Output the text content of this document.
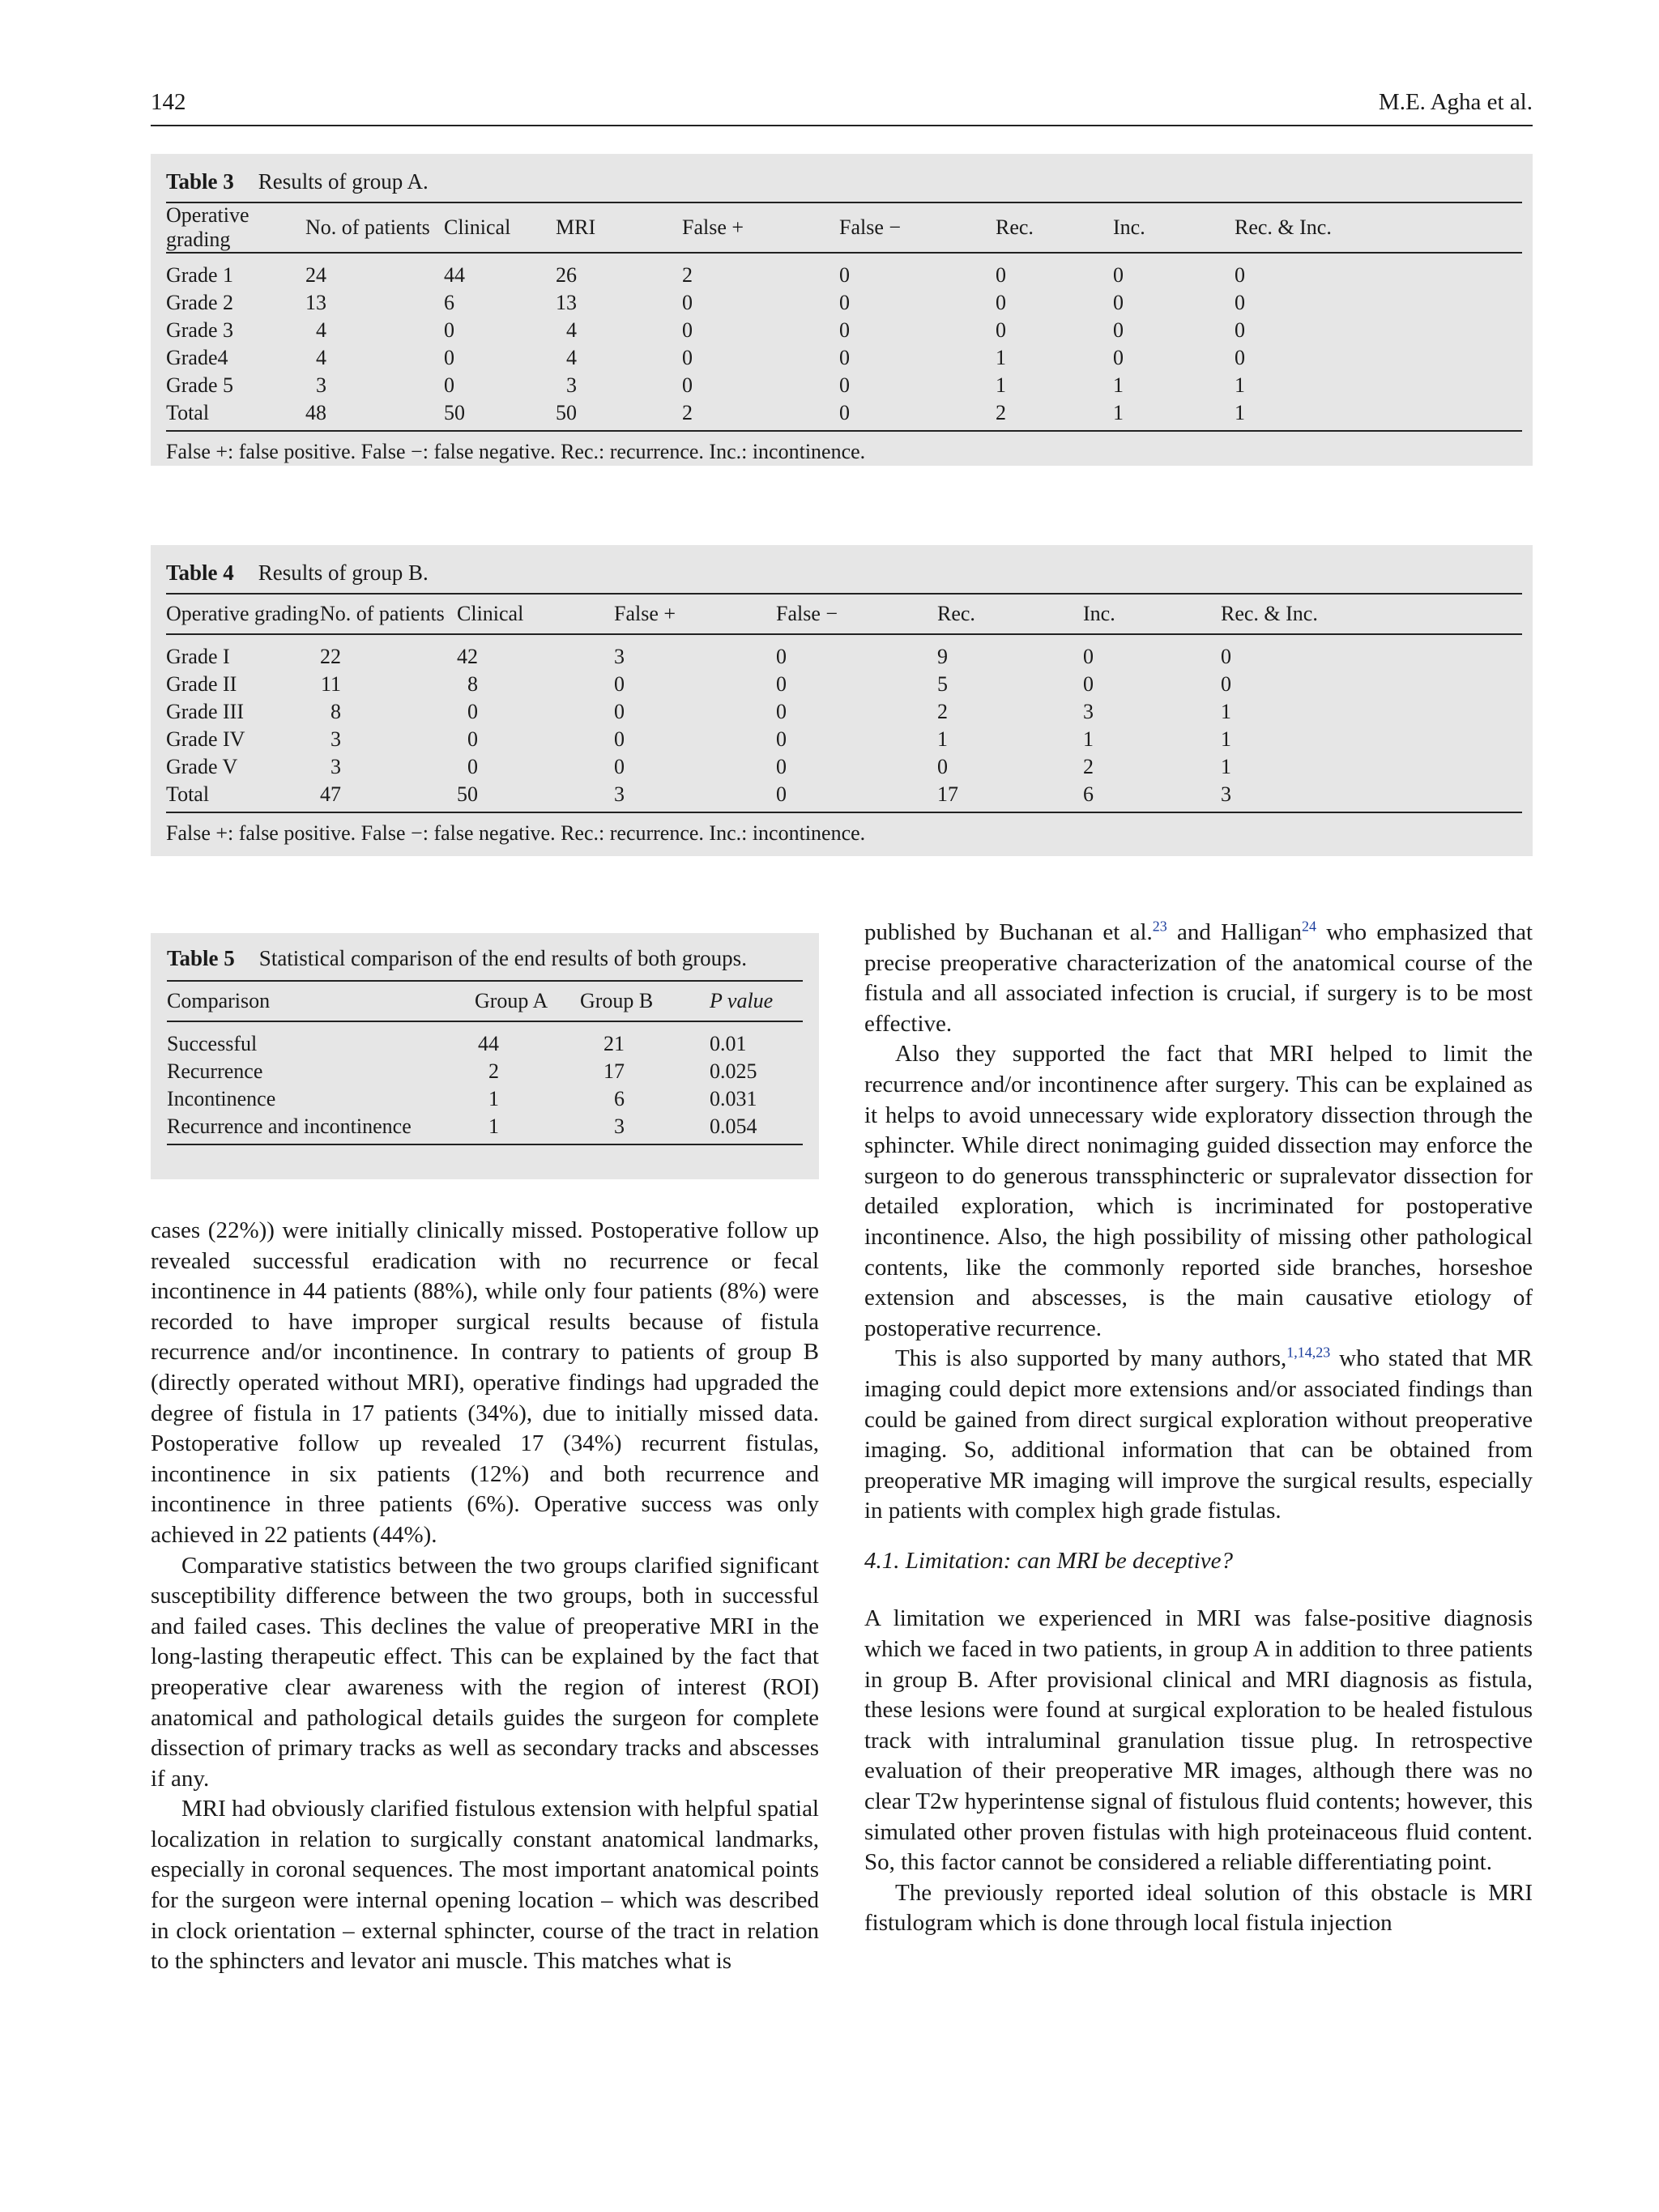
142	M.E. Agha et al.
Table 3 Results of group A.
Operative grading	No. of patients	Clinical	MRI	False +	False −	Rec.	Inc.	Rec. & Inc.
Grade 1	24	44	26	2	0	0	0	0
Grade 2	13	6	13	0	0	0	0	0
Grade 3	4	0	4	0	0	0	0	0
Grade4	4	0	4	0	0	1	0	0
Grade 5	3	0	3	0	0	1	1	1
Total	48	50	50	2	0	2	1	1
False +: false positive. False −: false negative. Rec.: recurrence. Inc.: incontinence.
Table 4 Results of group B.
Operative grading	No. of patients	Clinical	False +	False −	Rec.	Inc.	Rec. & Inc.
Grade I	22	42	3	0	9	0	0
Grade II	11	8	0	0	5	0	0
Grade III	8	0	0	0	2	3	1
Grade IV	3	0	0	0	1	1	1
Grade V	3	0	0	0	0	2	1
Total	47	50	3	0	17	6	3
False +: false positive. False −: false negative. Rec.: recurrence. Inc.: incontinence.
Table 5 Statistical comparison of the end results of both groups.
Comparison	Group A	Group B	P value
Successful	44	21	0.01
Recurrence	2	17	0.025
Incontinence	1	6	0.031
Recurrence and incontinence	1	3	0.054

cases (22%)) were initially clinically missed. Postoperative follow up revealed successful eradication with no recurrence or fecal incontinence in 44 patients (88%), while only four patients (8%) were recorded to have improper surgical results because of fistula recurrence and/or incontinence. In contrary to patients of group B (directly operated without MRI), operative findings had upgraded the degree of fistula in 17 patients (34%), due to initially missed data. Postoperative follow up revealed 17 (34%) recurrent fistulas, incontinence in six patients (12%) and both recurrence and incontinence in three patients (6%). Operative success was only achieved in 22 patients (44%).

Comparative statistics between the two groups clarified significant susceptibility difference between the two groups, both in successful and failed cases. This declines the value of preoperative MRI in the long-lasting therapeutic effect. This can be explained by the fact that preoperative clear awareness with the region of interest (ROI) anatomical and pathological details guides the surgeon for complete dissection of primary tracks as well as secondary tracks and abscesses if any.

MRI had obviously clarified fistulous extension with helpful spatial localization in relation to surgically constant anatomical landmarks, especially in coronal sequences. The most important anatomical points for the surgeon were internal opening location – which was described in clock orientation – external sphincter, course of the tract in relation to the sphincters and levator ani muscle. This matches what is

published by Buchanan et al.$^{23}$ and Halligan$^{24}$ who emphasized that precise preoperative characterization of the anatomical course of the fistula and all associated infection is crucial, if surgery is to be most effective.

Also they supported the fact that MRI helped to limit the recurrence and/or incontinence after surgery. This can be explained as it helps to avoid unnecessary wide exploratory dissection through the sphincter. While direct nonimaging guided dissection may enforce the surgeon to do generous transsphincteric or supralevator dissection for detailed exploration, which is incriminated for postoperative incontinence. Also, the high possibility of missing other pathological contents, like the commonly reported side branches, horseshoe extension and abscesses, is the main causative etiology of postoperative recurrence.

This is also supported by many authors,$^{1,14,23}$ who stated that MR imaging could depict more extensions and/or associated findings than could be gained from direct surgical exploration without preoperative imaging. So, additional information that can be obtained from preoperative MR imaging will improve the surgical results, especially in patients with complex high grade fistulas.

4.1. Limitation: can MRI be deceptive?

A limitation we experienced in MRI was false-positive diagnosis which we faced in two patients, in group A in addition to three patients in group B. After provisional clinical and MRI diagnosis as fistula, these lesions were found at surgical exploration to be healed fistulous track with intraluminal granulation tissue plug. In retrospective evaluation of their preoperative MR images, although there was no clear T2w hyperintense signal of fistulous fluid contents; however, this simulated other proven fistulas with high proteinaceous fluid content. So, this factor cannot be considered a reliable differentiating point.

The previously reported ideal solution of this obstacle is MRI fistulogram which is done through local fistula injection
